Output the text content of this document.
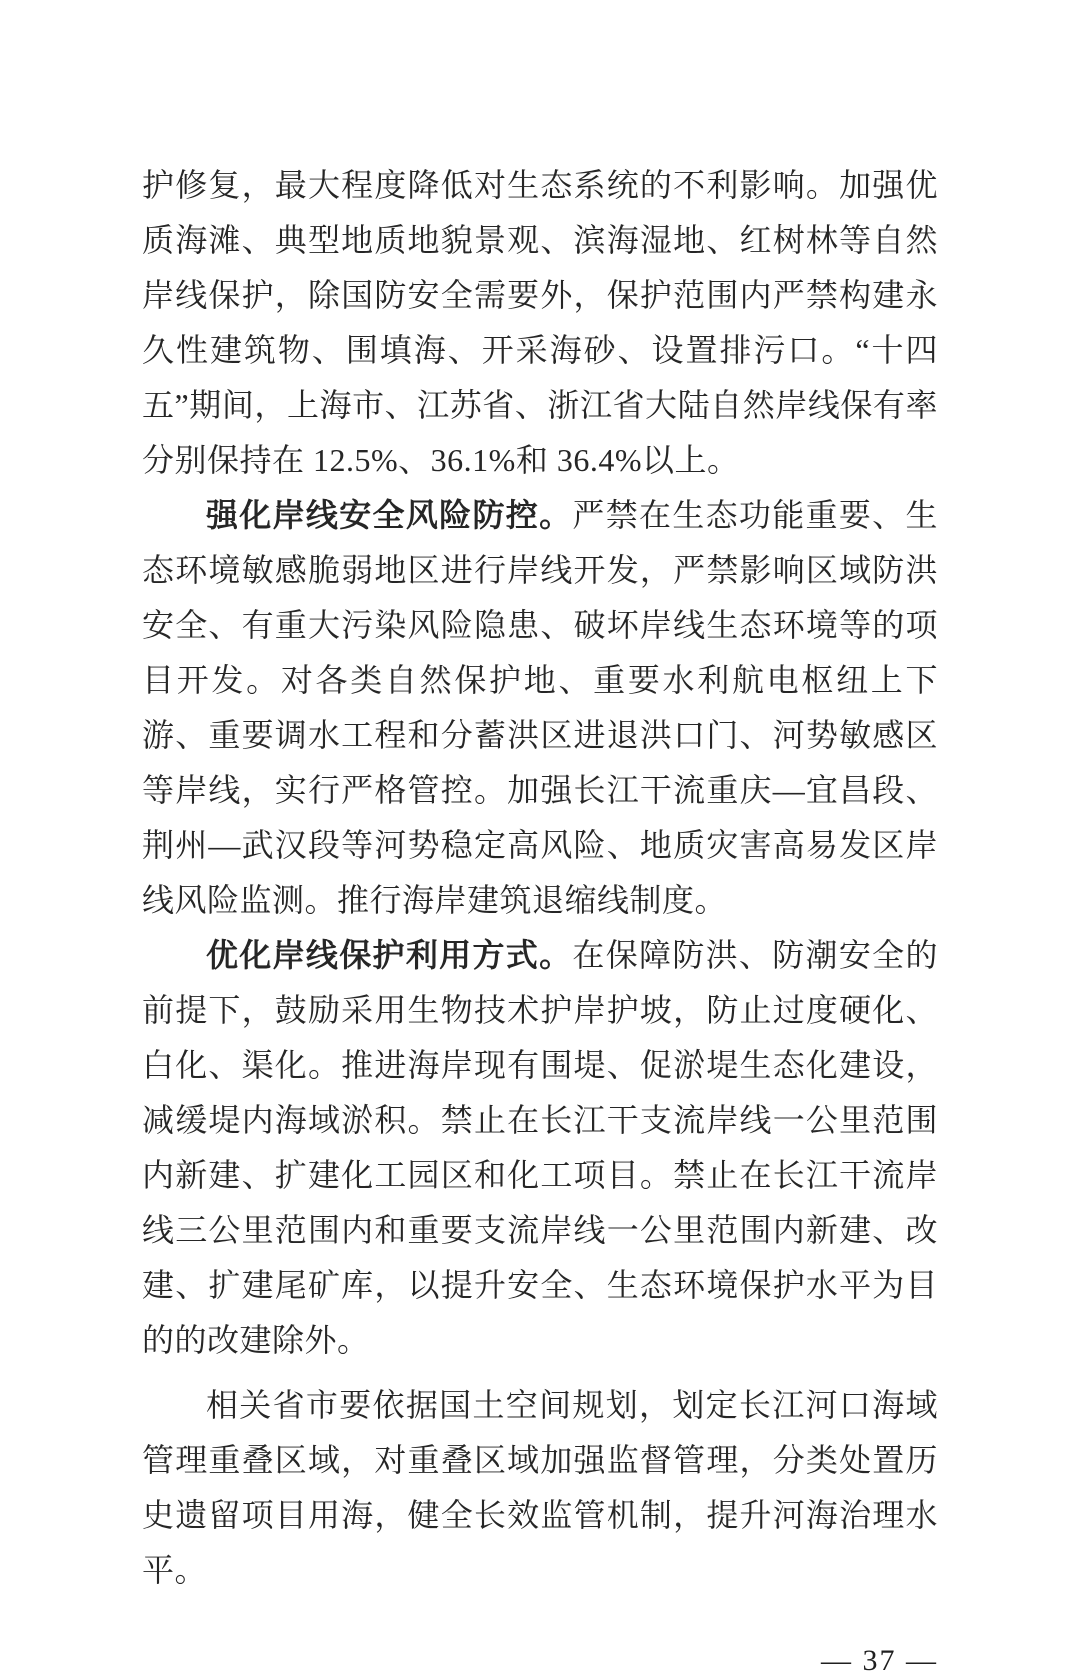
护修复，最大程度降低对生态系统的不利影响。加强优质海滩、典型地质地貌景观、滨海湿地、红树林等自然岸线保护，除国防安全需要外，保护范围内严禁构建永久性建筑物、围填海、开采海砂、设置排污口。“十四五”期间，上海市、江苏省、浙江省大陆自然岸线保有率分别保持在 12.5%、36.1%和 36.4%以上。

强化岸线安全风险防控。严禁在生态功能重要、生态环境敏感脆弱地区进行岸线开发，严禁影响区域防洪安全、有重大污染风险隐患、破坏岸线生态环境等的项目开发。对各类自然保护地、重要水利航电枢纽上下游、重要调水工程和分蓄洪区进退洪口门、河势敏感区等岸线，实行严格管控。加强长江干流重庆—宜昌段、荆州—武汉段等河势稳定高风险、地质灾害高易发区岸线风险监测。推行海岸建筑退缩线制度。

优化岸线保护利用方式。在保障防洪、防潮安全的前提下，鼓励采用生物技术护岸护坡，防止过度硬化、白化、渠化。推进海岸现有围堤、促淤堤生态化建设，减缓堤内海域淤积。禁止在长江干支流岸线一公里范围内新建、扩建化工园区和化工项目。禁止在长江干流岸线三公里范围内和重要支流岸线一公里范围内新建、改建、扩建尾矿库，以提升安全、生态环境保护水平为目的的改建除外。

相关省市要依据国土空间规划，划定长江河口海域管理重叠区域，对重叠区域加强监督管理，分类处置历史遗留项目用海，健全长效监管机制，提升河海治理水平。

— 37 —
